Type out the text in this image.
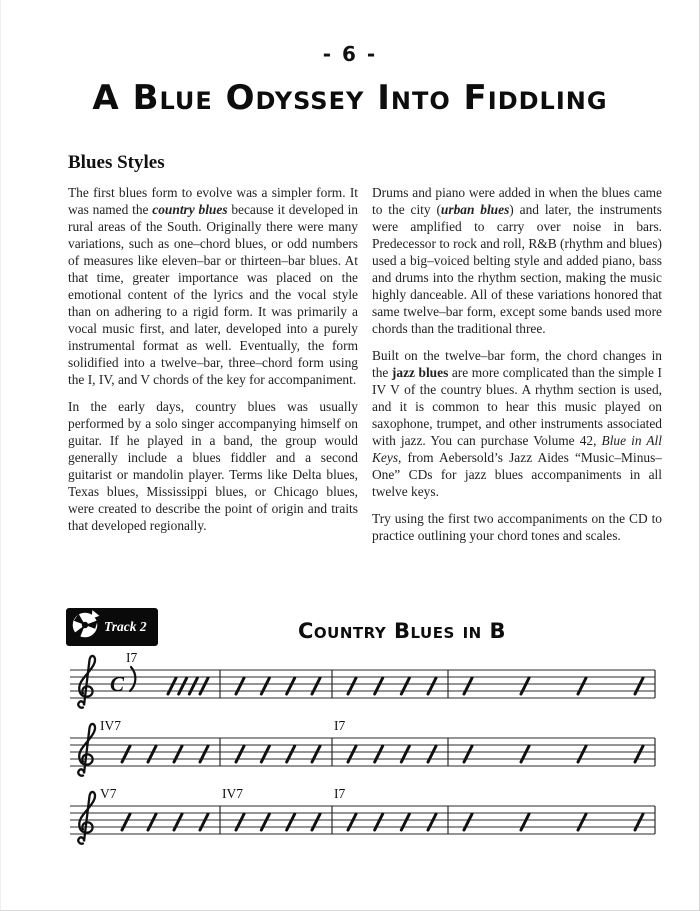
- 6 -
A Blue Odyssey Into Fiddling
Blues Styles

The first blues form to evolve was a simpler form. It was named the country blues because it developed in rural areas of the South. Originally there were many variations, such as one–chord blues, or odd numbers of measures like eleven–bar or thirteen–bar blues. At that time, greater importance was placed on the emotional content of the lyrics and the vocal style than on adhering to a rigid form. It was primarily a vocal music first, and later, developed into a purely instrumental format as well. Eventually, the form solidified into a twelve–bar, three–chord form using the I, IV, and V chords of the key for accompaniment.

In the early days, country blues was usually performed by a solo singer accompanying himself on guitar. If he played in a band, the group would generally include a blues fiddler and a second guitarist or mandolin player. Terms like Delta blues, Texas blues, Mississippi blues, or Chicago blues, were created to describe the point of origin and traits that developed regionally.

Drums and piano were added in when the blues came to the city (urban blues) and later, the instruments were amplified to carry over noise in bars. Predecessor to rock and roll, R&B (rhythm and blues) used a big–voiced belting style and added piano, bass and drums into the rhythm section, making the music highly danceable. All of these variations honored that same twelve–bar form, except some bands used more chords than the traditional three.

Built on the twelve–bar form, the chord changes in the jazz blues are more complicated than the simple I IV V of the country blues. A rhythm section is used, and it is common to hear this music played on saxophone, trumpet, and other instruments associated with jazz. You can purchase Volume 42, Blue in All Keys, from Aebersold’s Jazz Aides “Music–Minus–One” CDs for jazz blues accompaniments in all twelve keys.

Try using the first two accompaniments on the CD to practice outlining your chord tones and scales.

Track 2	Country Blues in B
C
I7
IV7	I7
V7	IV7	I7
